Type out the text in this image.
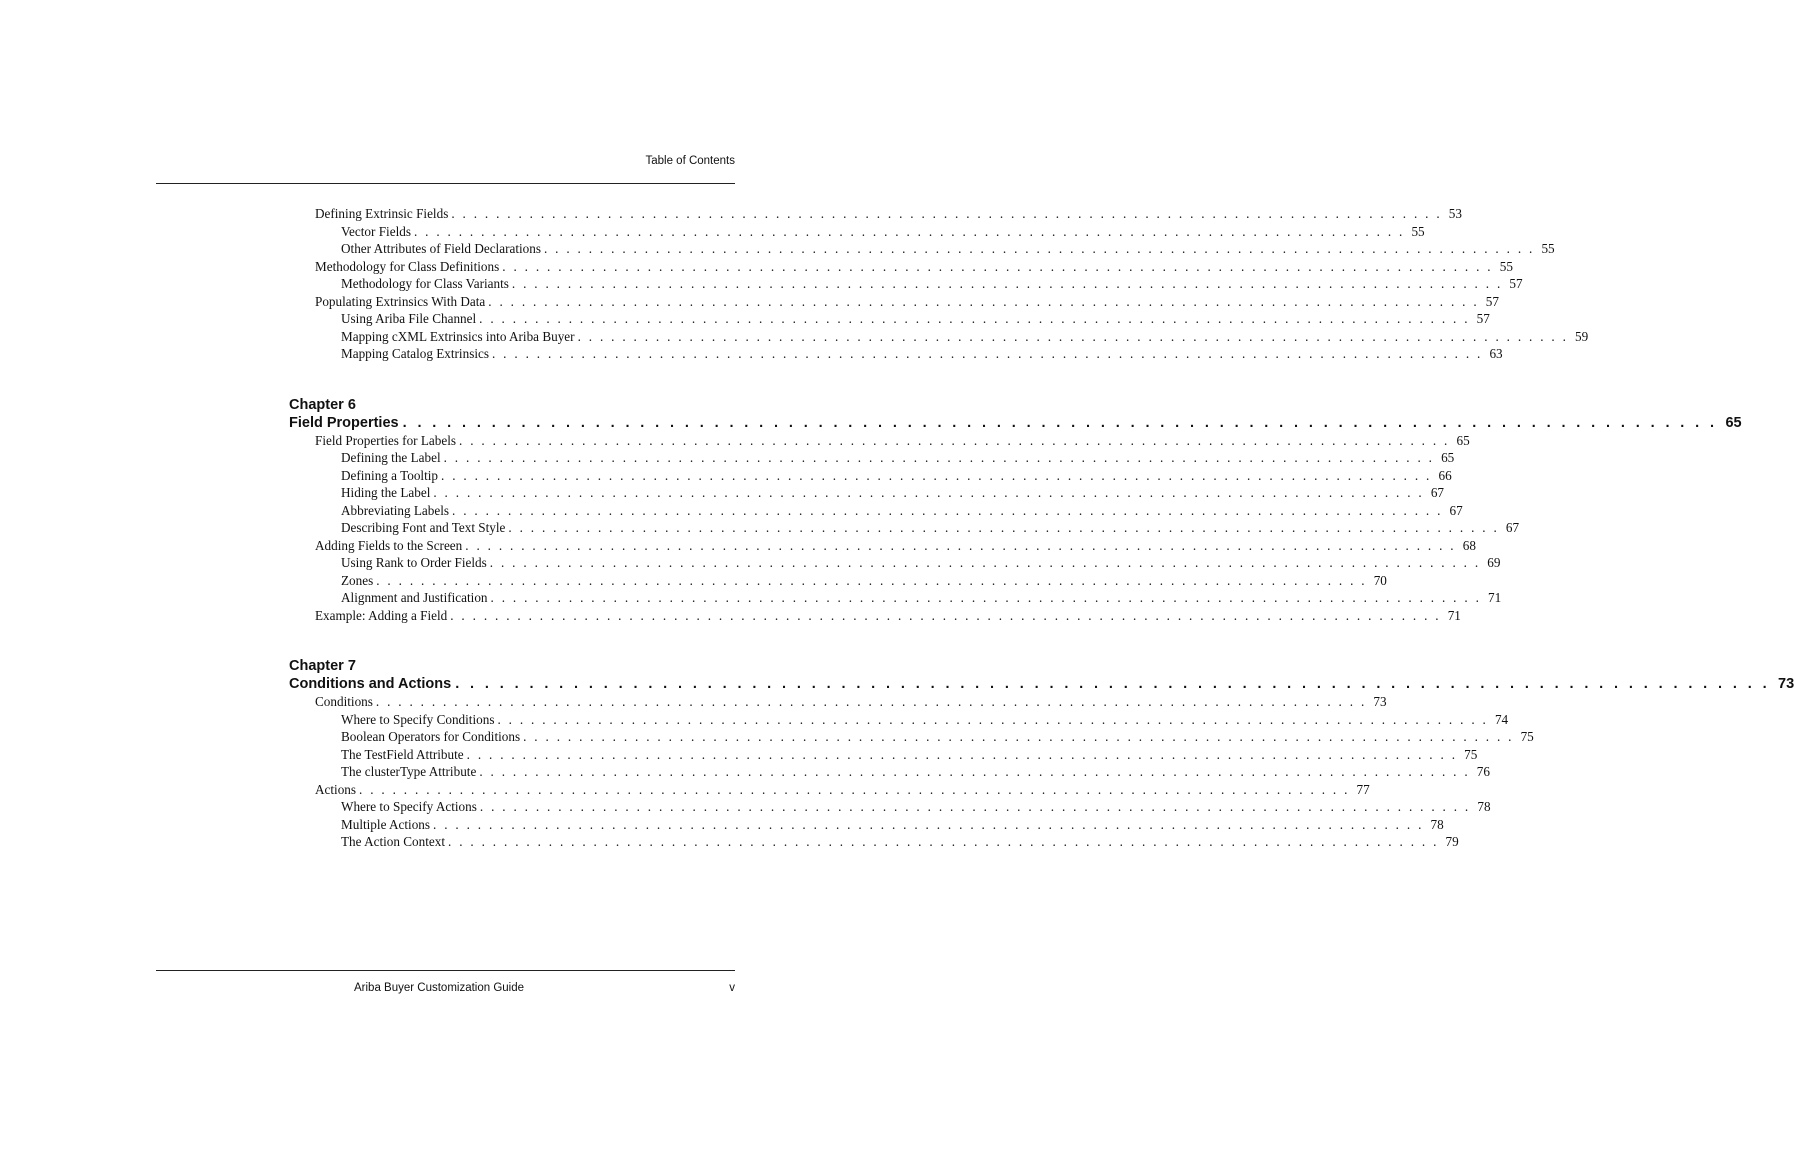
Table of Contents
Defining Extrinsic Fields . . . . . . . . . . . . . . . . . . . . . . . . . . . . . . . . . . . . . . . . . . . . . . . . . . . . . . . . . . . . . . . . . . . . . . . . . . . . . . . . . . . . . . . . . 53
Vector Fields . . . . . . . . . . . . . . . . . . . . . . . . . . . . . . . . . . . . . . . . . . . . . . . . . . . . . . . . . . . . . . . . . . . . . . . . . . . . . . . . . . . . . . . . . 55
Other Attributes of Field Declarations . . . . . . . . . . . . . . . . . . . . . . . . . . . . . . . . . . . . . . . . . . . . . . . . . . . . . . . . . . . . . . . . . . . . . . . . . . . . . . . . . . . . . . . . . 55
Methodology for Class Definitions . . . . . . . . . . . . . . . . . . . . . . . . . . . . . . . . . . . . . . . . . . . . . . . . . . . . . . . . . . . . . . . . . . . . . . . . . . . . . . . . . . . . . . . . . 55
Methodology for Class Variants . . . . . . . . . . . . . . . . . . . . . . . . . . . . . . . . . . . . . . . . . . . . . . . . . . . . . . . . . . . . . . . . . . . . . . . . . . . . . . . . . . . . . . . . . 57
Populating Extrinsics With Data . . . . . . . . . . . . . . . . . . . . . . . . . . . . . . . . . . . . . . . . . . . . . . . . . . . . . . . . . . . . . . . . . . . . . . . . . . . . . . . . . . . . . . . . . 57
Using Ariba File Channel . . . . . . . . . . . . . . . . . . . . . . . . . . . . . . . . . . . . . . . . . . . . . . . . . . . . . . . . . . . . . . . . . . . . . . . . . . . . . . . . . . . . . . . . . 57
Mapping cXML Extrinsics into Ariba Buyer . . . . . . . . . . . . . . . . . . . . . . . . . . . . . . . . . . . . . . . . . . . . . . . . . . . . . . . . . . . . . . . . . . . . . . . . . . . . . . . . . . . . . . . . . 59
Mapping Catalog Extrinsics . . . . . . . . . . . . . . . . . . . . . . . . . . . . . . . . . . . . . . . . . . . . . . . . . . . . . . . . . . . . . . . . . . . . . . . . . . . . . . . . . . . . . . . . . 63
Chapter 6
Field Properties . . . . . . . . . . . . . . . . . . . . . . . . . . . . . . . . . . . . . . . . . . . . . . . . . . . . . . . . . . . . . . . . . . . . . . . . . . . . . . . . . . . . . . . . . 65
Field Properties for Labels . . . . . . . . . . . . . . . . . . . . . . . . . . . . . . . . . . . . . . . . . . . . . . . . . . . . . . . . . . . . . . . . . . . . . . . . . . . . . . . . . . . . . . . . . 65
Defining the Label . . . . . . . . . . . . . . . . . . . . . . . . . . . . . . . . . . . . . . . . . . . . . . . . . . . . . . . . . . . . . . . . . . . . . . . . . . . . . . . . . . . . . . . . . 65
Defining a Tooltip . . . . . . . . . . . . . . . . . . . . . . . . . . . . . . . . . . . . . . . . . . . . . . . . . . . . . . . . . . . . . . . . . . . . . . . . . . . . . . . . . . . . . . . . . 66
Hiding the Label . . . . . . . . . . . . . . . . . . . . . . . . . . . . . . . . . . . . . . . . . . . . . . . . . . . . . . . . . . . . . . . . . . . . . . . . . . . . . . . . . . . . . . . . . 67
Abbreviating Labels . . . . . . . . . . . . . . . . . . . . . . . . . . . . . . . . . . . . . . . . . . . . . . . . . . . . . . . . . . . . . . . . . . . . . . . . . . . . . . . . . . . . . . . . . 67
Describing Font and Text Style . . . . . . . . . . . . . . . . . . . . . . . . . . . . . . . . . . . . . . . . . . . . . . . . . . . . . . . . . . . . . . . . . . . . . . . . . . . . . . . . . . . . . . . . . 67
Adding Fields to the Screen . . . . . . . . . . . . . . . . . . . . . . . . . . . . . . . . . . . . . . . . . . . . . . . . . . . . . . . . . . . . . . . . . . . . . . . . . . . . . . . . . . . . . . . . . 68
Using Rank to Order Fields . . . . . . . . . . . . . . . . . . . . . . . . . . . . . . . . . . . . . . . . . . . . . . . . . . . . . . . . . . . . . . . . . . . . . . . . . . . . . . . . . . . . . . . . . 69
Zones . . . . . . . . . . . . . . . . . . . . . . . . . . . . . . . . . . . . . . . . . . . . . . . . . . . . . . . . . . . . . . . . . . . . . . . . . . . . . . . . . . . . . . . . . 70
Alignment and Justification . . . . . . . . . . . . . . . . . . . . . . . . . . . . . . . . . . . . . . . . . . . . . . . . . . . . . . . . . . . . . . . . . . . . . . . . . . . . . . . . . . . . . . . . . 71
Example: Adding a Field . . . . . . . . . . . . . . . . . . . . . . . . . . . . . . . . . . . . . . . . . . . . . . . . . . . . . . . . . . . . . . . . . . . . . . . . . . . . . . . . . . . . . . . . . 71
Chapter 7
Conditions and Actions . . . . . . . . . . . . . . . . . . . . . . . . . . . . . . . . . . . . . . . . . . . . . . . . . . . . . . . . . . . . . . . . . . . . . . . . . . . . . . . . . . . . . . . . . 73
Conditions . . . . . . . . . . . . . . . . . . . . . . . . . . . . . . . . . . . . . . . . . . . . . . . . . . . . . . . . . . . . . . . . . . . . . . . . . . . . . . . . . . . . . . . . . 73
Where to Specify Conditions . . . . . . . . . . . . . . . . . . . . . . . . . . . . . . . . . . . . . . . . . . . . . . . . . . . . . . . . . . . . . . . . . . . . . . . . . . . . . . . . . . . . . . . . . 74
Boolean Operators for Conditions . . . . . . . . . . . . . . . . . . . . . . . . . . . . . . . . . . . . . . . . . . . . . . . . . . . . . . . . . . . . . . . . . . . . . . . . . . . . . . . . . . . . . . . . . 75
The TestField Attribute . . . . . . . . . . . . . . . . . . . . . . . . . . . . . . . . . . . . . . . . . . . . . . . . . . . . . . . . . . . . . . . . . . . . . . . . . . . . . . . . . . . . . . . . . 75
The clusterType Attribute . . . . . . . . . . . . . . . . . . . . . . . . . . . . . . . . . . . . . . . . . . . . . . . . . . . . . . . . . . . . . . . . . . . . . . . . . . . . . . . . . . . . . . . . . 76
Actions . . . . . . . . . . . . . . . . . . . . . . . . . . . . . . . . . . . . . . . . . . . . . . . . . . . . . . . . . . . . . . . . . . . . . . . . . . . . . . . . . . . . . . . . . 77
Where to Specify Actions . . . . . . . . . . . . . . . . . . . . . . . . . . . . . . . . . . . . . . . . . . . . . . . . . . . . . . . . . . . . . . . . . . . . . . . . . . . . . . . . . . . . . . . . . 78
Multiple Actions . . . . . . . . . . . . . . . . . . . . . . . . . . . . . . . . . . . . . . . . . . . . . . . . . . . . . . . . . . . . . . . . . . . . . . . . . . . . . . . . . . . . . . . . . 78
The Action Context . . . . . . . . . . . . . . . . . . . . . . . . . . . . . . . . . . . . . . . . . . . . . . . . . . . . . . . . . . . . . . . . . . . . . . . . . . . . . . . . . . . . . . . . . 79
Ariba Buyer Customization Guide	v
